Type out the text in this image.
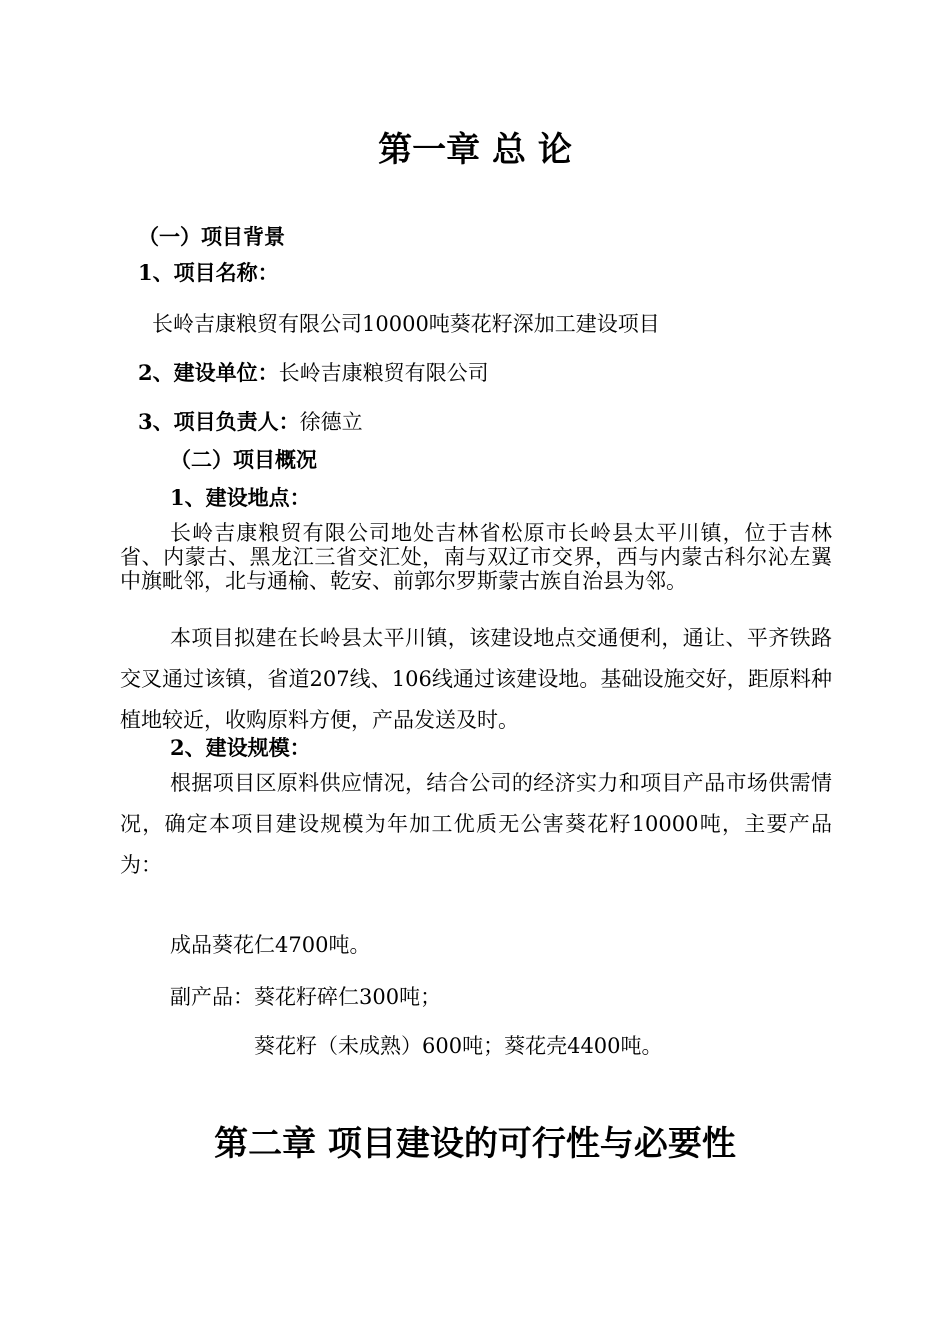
第一章 总 论
（一）项目背景
1、项目名称：
长岭吉康粮贸有限公司10000吨葵花籽深加工建设项目
2、建设单位：长岭吉康粮贸有限公司
3、项目负责人：徐德立
（二）项目概况
1、建设地点：
长岭吉康粮贸有限公司地处吉林省松原市长岭县太平川镇，位于吉林省、内蒙古、黑龙江三省交汇处，南与双辽市交界，西与内蒙古科尔沁左翼中旗毗邻，北与通榆、乾安、前郭尔罗斯蒙古族自治县为邻。
本项目拟建在长岭县太平川镇，该建设地点交通便利，通让、平齐铁路交叉通过该镇，省道207线、106线通过该建设地。基础设施交好，距原料种植地较近，收购原料方便，产品发送及时。
2、建设规模：
根据项目区原料供应情况，结合公司的经济实力和项目产品市场供需情况，确定本项目建设规模为年加工优质无公害葵花籽10000吨，主要产品为：
成品葵花仁4700吨。
副产品：葵花籽碎仁300吨；
葵花籽（未成熟）600吨；葵花壳4400吨。
第二章 项目建设的可行性与必要性
